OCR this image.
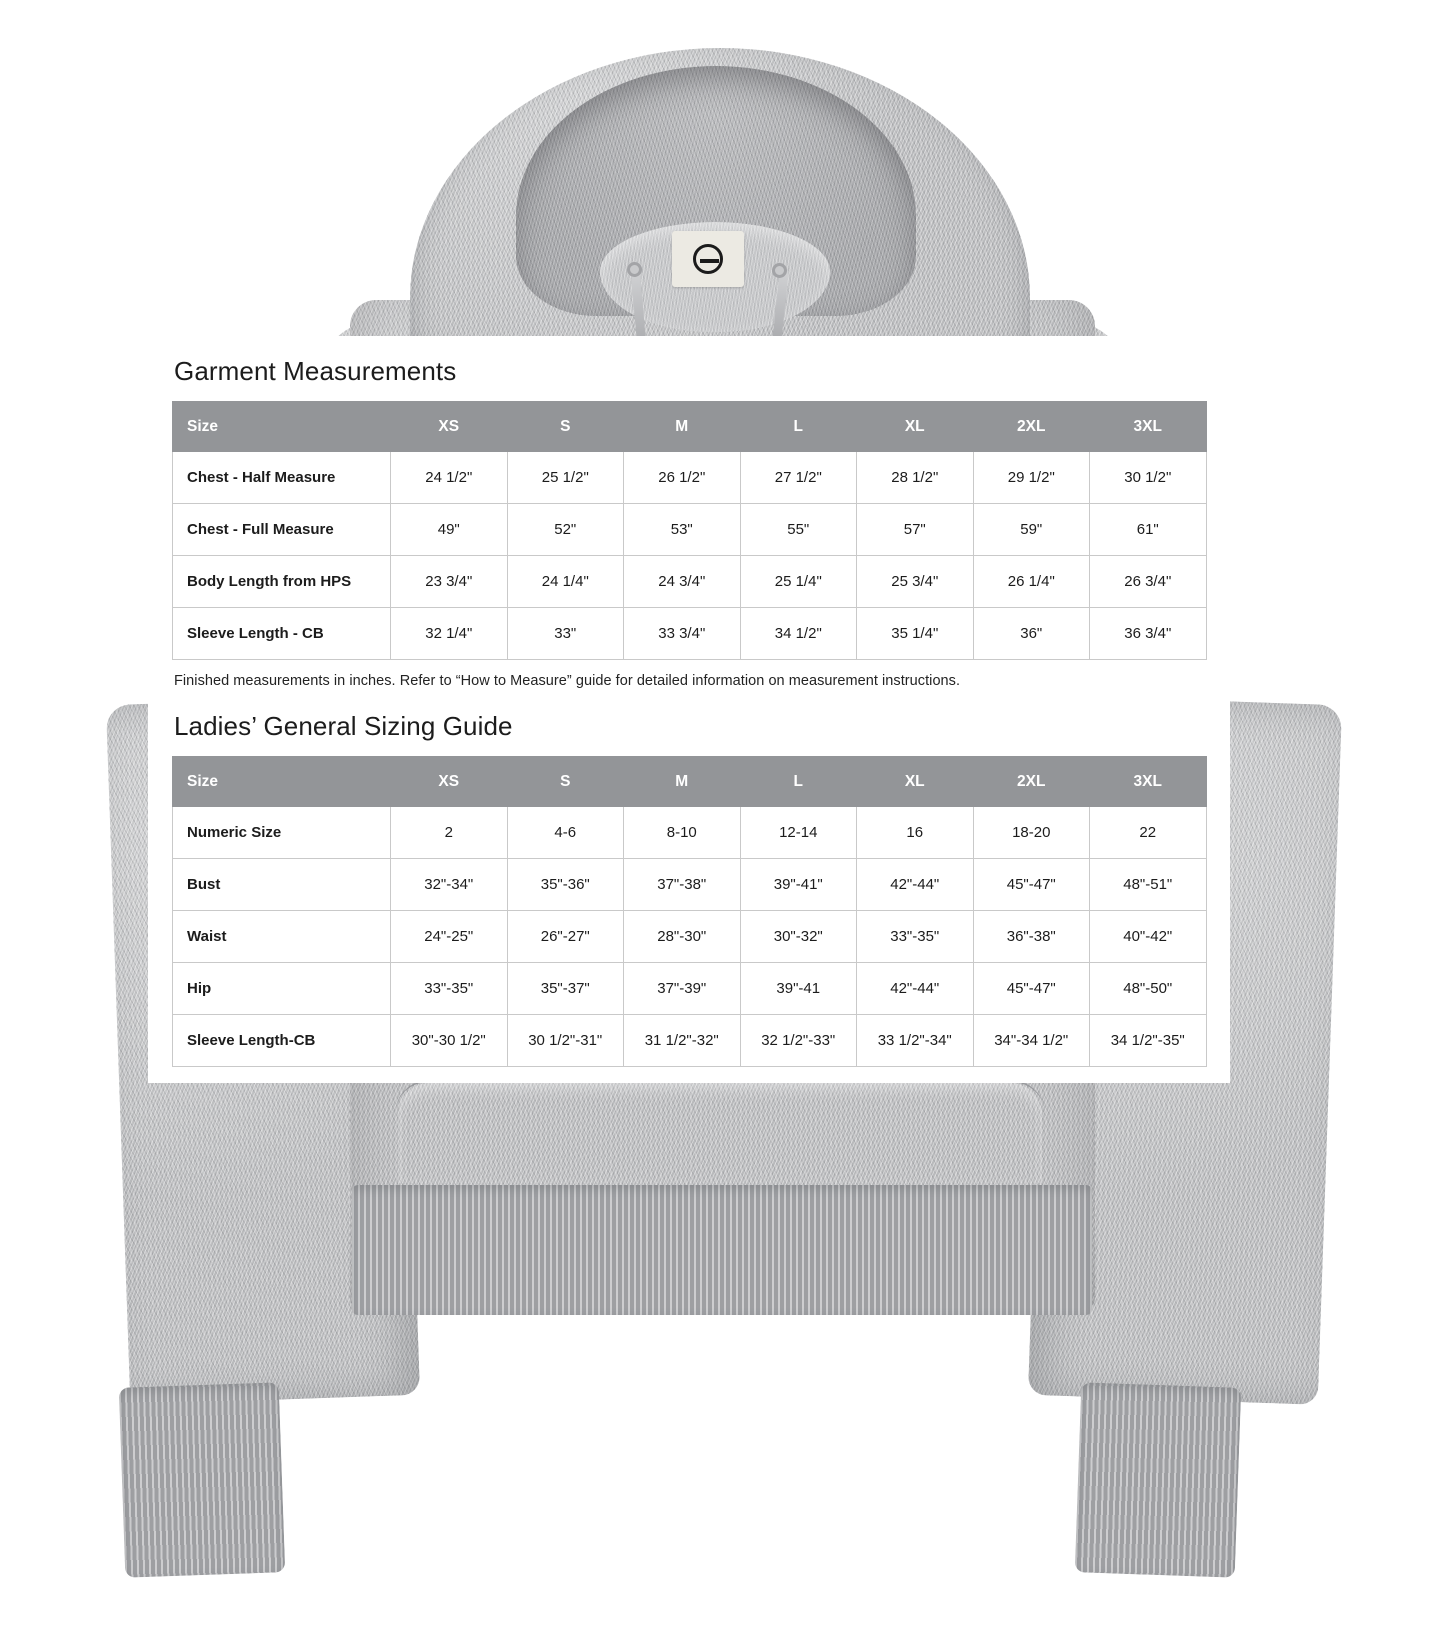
Garment Measurements
Size	XS	S	M	L	XL	2XL	3XL
Chest - Half Measure	24 1/2"	25 1/2"	26 1/2"	27 1/2"	28 1/2"	29 1/2"	30 1/2"
Chest - Full Measure	49"	52"	53"	55"	57"	59"	61"
Body Length from HPS	23 3/4"	24 1/4"	24 3/4"	25 1/4"	25 3/4"	26 1/4"	26 3/4"
Sleeve Length - CB	32 1/4"	33"	33 3/4"	34 1/2"	35 1/4"	36"	36 3/4"

Finished measurements in inches. Refer to “How to Measure” guide for detailed information on measurement instructions.

Ladies’ General Sizing Guide
Size	XS	S	M	L	XL	2XL	3XL
Numeric Size	2	4-6	8-10	12-14	16	18-20	22
Bust	32"-34"	35"-36"	37"-38"	39"-41"	42"-44"	45"-47"	48"-51"
Waist	24"-25"	26"-27"	28"-30"	30"-32"	33"-35"	36"-38"	40"-42"
Hip	33"-35"	35"-37"	37"-39"	39"-41	42"-44"	45"-47"	48"-50"
Sleeve Length-CB	30"-30 1/2"	30 1/2"-31"	31 1/2"-32"	32 1/2"-33"	33 1/2"-34"	34"-34 1/2"	34 1/2"-35"
